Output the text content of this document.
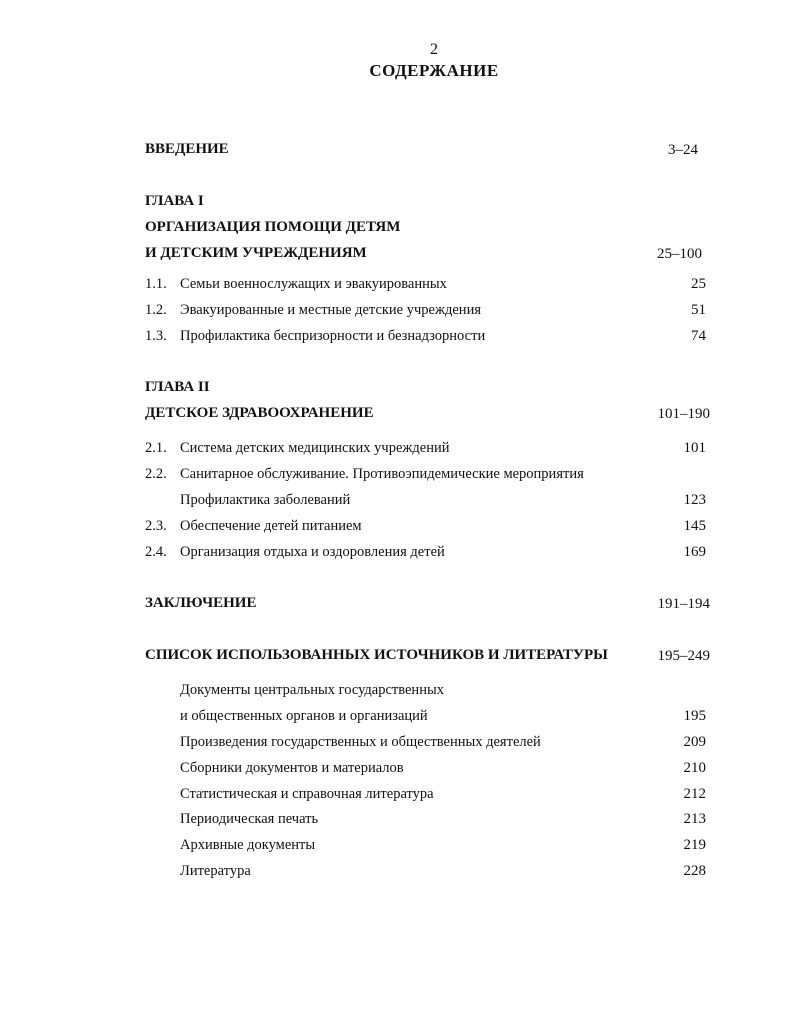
2
СОДЕРЖАНИЕ
ВВЕДЕНИЕ	3–24
ГЛАВА I
ОРГАНИЗАЦИЯ ПОМОЩИ ДЕТЯМ
И ДЕТСКИМ УЧРЕЖДЕНИЯМ	25–100
1.1. Семьи военнослужащих и эвакуированных	25
1.2. Эвакуированные и местные детские учреждения	51
1.3. Профилактика беспризорности и безнадзорности	74
ГЛАВА II
ДЕТСКОЕ ЗДРАВООХРАНЕНИЕ	101–190
2.1. Система детских медицинских учреждений	101
2.2. Санитарное обслуживание. Противоэпидемические мероприятия
Профилактика заболеваний	123
2.3. Обеспечение детей питанием	145
2.4. Организация отдыха и оздоровления детей	169
ЗАКЛЮЧЕНИЕ	191–194
СПИСОК ИСПОЛЬЗОВАННЫХ ИСТОЧНИКОВ И ЛИТЕРАТУРЫ	195–249
Документы центральных государственных
и общественных органов и организаций	195
Произведения государственных и общественных деятелей	209
Сборники документов и материалов	210
Статистическая и справочная литература	212
Периодическая печать	213
Архивные документы	219
Литература	228
